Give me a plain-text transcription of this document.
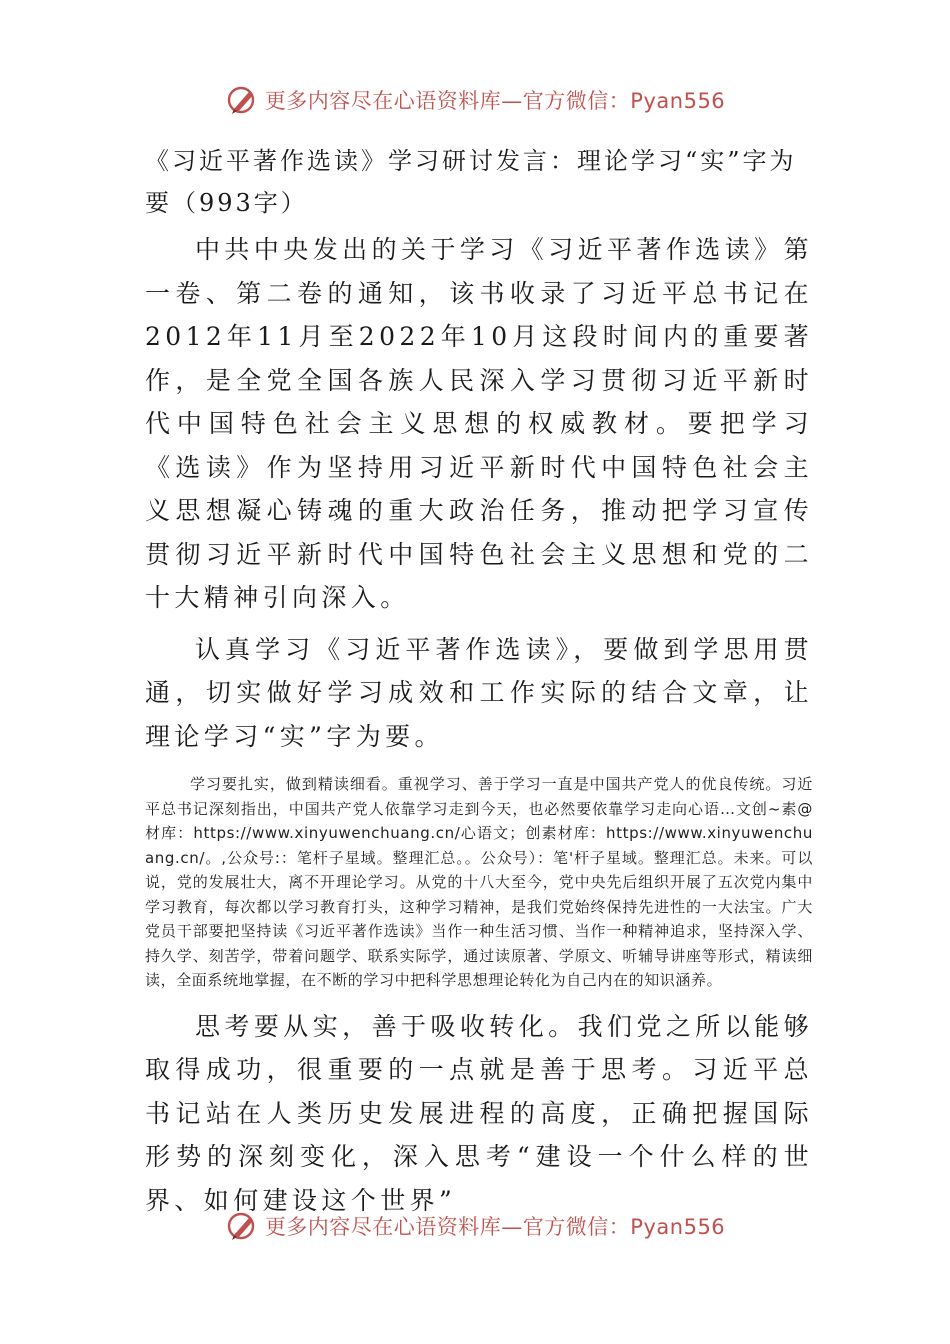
更多内容尽在心语资料库—官方微信：Pyan556
《习近平著作选读》学习研讨发言：理论学习“实”字为要（993字）

中共中央发出的关于学习《习近平著作选读》第一卷、第二卷的通知，该书收录了习近平总书记在2012年11月至2022年10月这段时间内的重要著作，是全党全国各族人民深入学习贯彻习近平新时代中国特色社会主义思想的权威教材。要把学习《选读》作为坚持用习近平新时代中国特色社会主义思想凝心铸魂的重大政治任务，推动把学习宣传贯彻习近平新时代中国特色社会主义思想和党的二十大精神引向深入。

认真学习《习近平著作选读》，要做到学思用贯通，切实做好学习成效和工作实际的结合文章，让理论学习“实”字为要。

学习要扎实，做到精读细看。重视学习、善于学习一直是中国共产党人的优良传统。习近平总书记深刻指出，中国共产党人依靠学习走到今天，也必然要依靠学习走向心语…文创~素@材库：https://www.xinyuwenchuang.cn/心语文；创素材库：https://www.xinyuwenchuang.cn/。,公众号:：笔杆子星域。整理汇总。。公众号）：笔'杆子星域。整理汇总。未来。可以说，党的发展壮大，离不开理论学习。从党的十八大至今，党中央先后组织开展了五次党内集中学习教育，每次都以学习教育打头，这种学习精神，是我们党始终保持先进性的一大法宝。广大党员干部要把坚持读《习近平著作选读》当作一种生活习惯、当作一种精神追求，坚持深入学、持久学、刻苦学，带着问题学、联系实际学，通过读原著、学原文、听辅导讲座等形式，精读细读，全面系统地掌握，在不断的学习中把科学思想理论转化为自己内在的知识涵养。

思考要从实，善于吸收转化。我们党之所以能够取得成功，很重要的一点就是善于思考。习近平总书记站在人类历史发展进程的高度，正确把握国际形势的深刻变化，深入思考“建设一个什么样的世界、如何建设这个世界”

更多内容尽在心语资料库—官方微信：Pyan556
